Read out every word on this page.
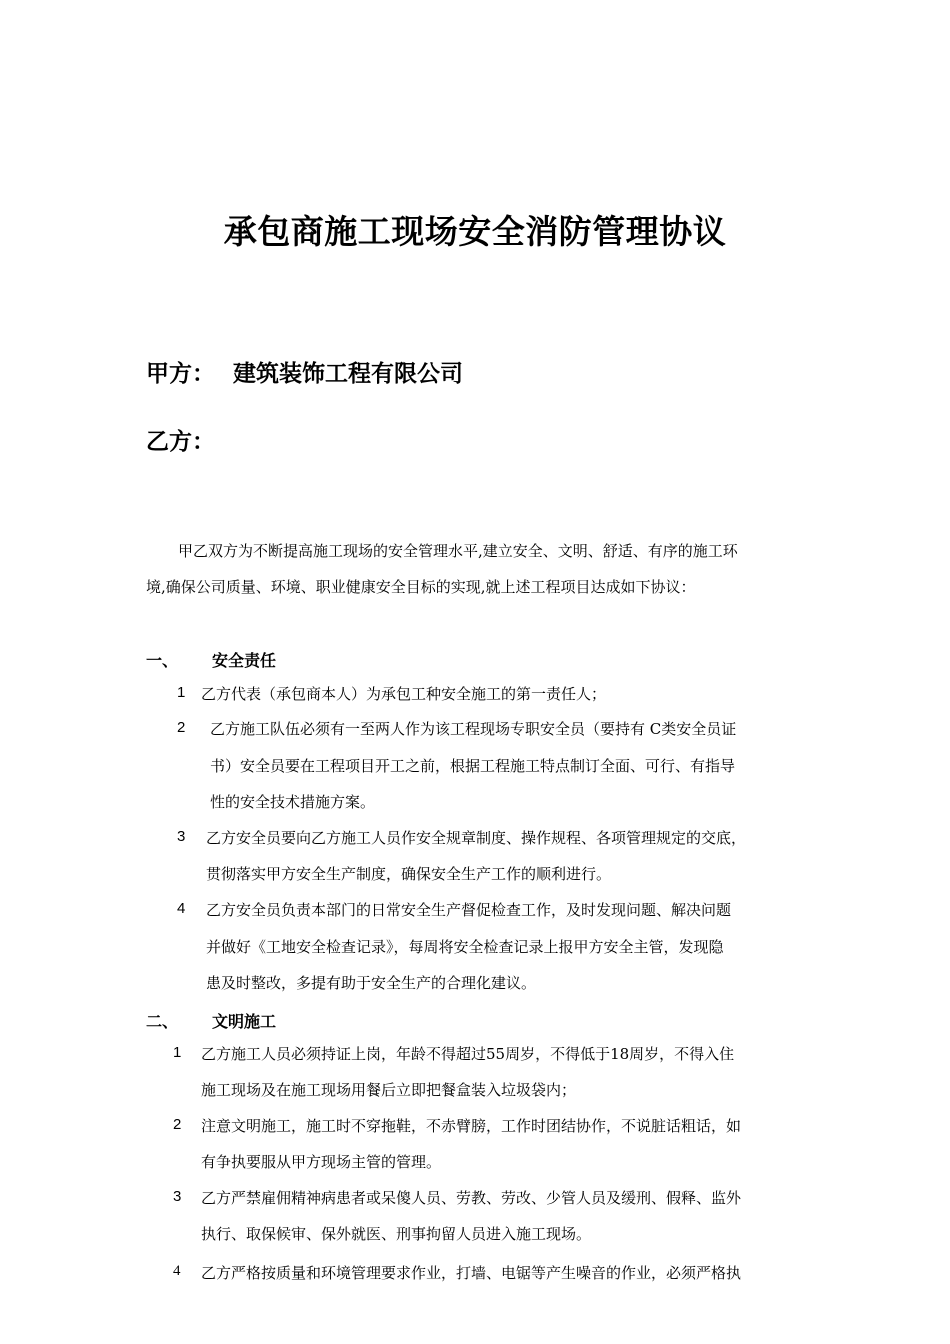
承包商施工现场安全消防管理协议
甲方： 建筑装饰工程有限公司
乙方：
甲乙双方为不断提高施工现场的安全管理水平,建立安全、文明、舒适、有序的施工环
境,确保公司质量、环境、职业健康安全目标的实现,就上述工程项目达成如下协议：
一、 安全责任
1 乙方代表（承包商本人）为承包工种安全施工的第一责任人；
2 乙方施工队伍必须有一至两人作为该工程现场专职安全员（要持有 C类安全员证
书）安全员要在工程项目开工之前，根据工程施工特点制订全面、可行、有指导
性的安全技术措施方案。
3 乙方安全员要向乙方施工人员作安全规章制度、操作规程、各项管理规定的交底，
贯彻落实甲方安全生产制度，确保安全生产工作的顺利进行。
4 乙方安全员负责本部门的日常安全生产督促检查工作，及时发现问题、解决问题
并做好《工地安全检查记录》，每周将安全检查记录上报甲方安全主管，发现隐
患及时整改，多提有助于安全生产的合理化建议。
二、 文明施工
1 乙方施工人员必须持证上岗，年龄不得超过55周岁，不得低于18周岁，不得入住
施工现场及在施工现场用餐后立即把餐盒装入垃圾袋内；
2 注意文明施工，施工时不穿拖鞋，不赤臂膀，工作时团结协作，不说脏话粗话，如
有争执要服从甲方现场主管的管理。
3 乙方严禁雇佣精神病患者或呆傻人员、劳教、劳改、少管人员及缓刑、假释、监外
执行、取保候审、保外就医、刑事拘留人员进入施工现场。
4 乙方严格按质量和环境管理要求作业，打墙、电锯等产生噪音的作业，必须严格执
